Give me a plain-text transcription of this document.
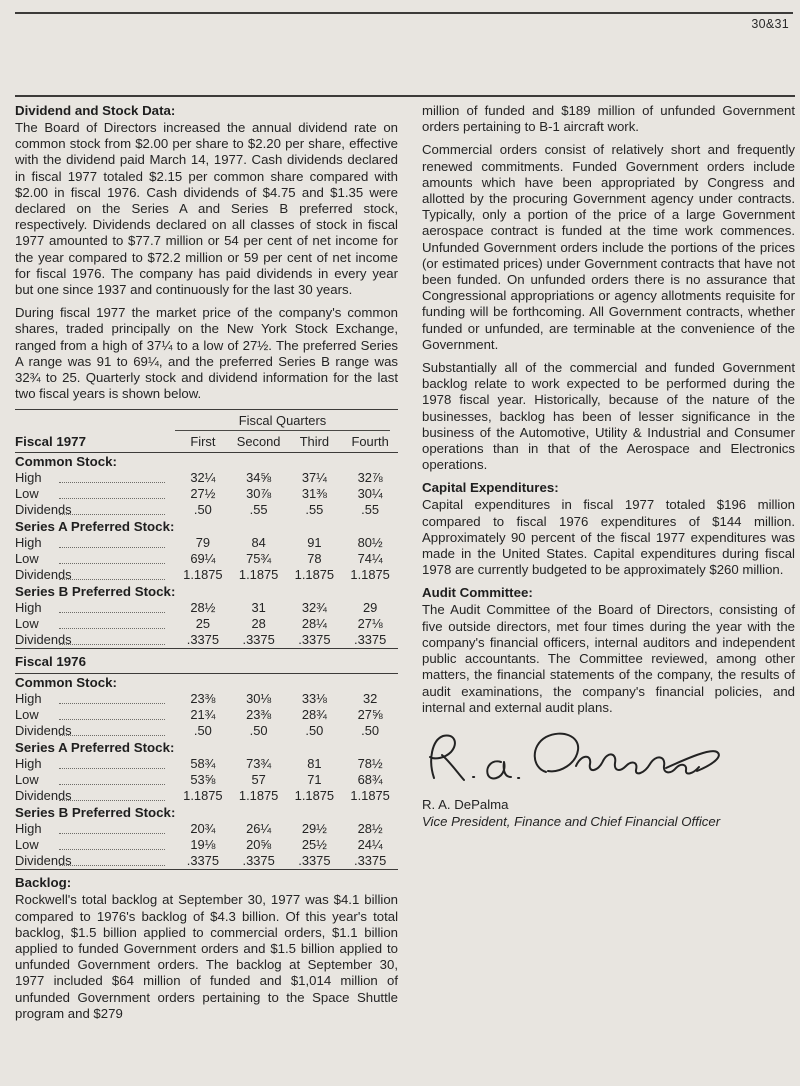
30&31
Dividend and Stock Data:

The Board of Directors increased the annual dividend rate on common stock from $2.00 per share to $2.20 per share, effective with the dividend paid March 14, 1977. Cash dividends declared in fiscal 1977 totaled $2.15 per common share compared with $2.00 in fiscal 1976. Cash dividends of $4.75 and $1.35 were declared on the Series A and Series B preferred stock, respectively. Dividends declared on all classes of stock in fiscal 1977 amounted to $77.7 million or 54 per cent of net income for the year compared to $72.2 million or 59 per cent of net income for fiscal 1976. The company has paid dividends in every year but one since 1937 and continuously for the last 30 years.

During fiscal 1977 the market price of the company's common shares, traded principally on the New York Stock Exchange, ranged from a high of 37¼ to a low of 27½. The preferred Series A range was 91 to 69¼, and the preferred Series B range was 32¾ to 25. Quarterly stock and dividend information for the last two fiscal years is shown below.

Fiscal Quarters
Fiscal 1977	First	Second	Third	Fourth
Common Stock:
High	32¼	34⅝	37¼	32⅞
Low	27½	30⅞	31⅜	30¼
Dividends	.50	.55	.55	.55
Series A Preferred Stock:
High	79	84	91	80½
Low	69¼	75¾	78	74¼
Dividends	1.1875	1.1875	1.1875	1.1875
Series B Preferred Stock:
High	28½	31	32¾	29
Low	25	28	28¼	27⅛
Dividends	.3375	.3375	.3375	.3375
Fiscal 1976
Common Stock:
High	23⅜	30⅛	33⅛	32
Low	21¾	23⅜	28¾	27⅝
Dividends	.50	.50	.50	.50
Series A Preferred Stock:
High	58¾	73¾	81	78½
Low	53⅝	57	71	68¾
Dividends	1.1875	1.1875	1.1875	1.1875
Series B Preferred Stock:
High	20¾	26¼	29½	28½
Low	19⅛	20⅝	25½	24¼
Dividends	.3375	.3375	.3375	.3375
Backlog:

Rockwell's total backlog at September 30, 1977 was $4.1 billion compared to 1976's backlog of $4.3 billion. Of this year's total backlog, $1.5 billion applied to commercial orders, $1.1 billion applied to funded Government orders and $1.5 billion applied to unfunded Government orders. The backlog at September 30, 1977 included $64 million of funded and $1,014 million of unfunded Government orders pertaining to the Space Shuttle program and $279

million of funded and $189 million of unfunded Government orders pertaining to B-1 aircraft work.

Commercial orders consist of relatively short and frequently renewed commitments. Funded Government orders include amounts which have been appropriated by Congress and allotted by the procuring Government agency under contracts. Typically, only a portion of the price of a large Government aerospace contract is funded at the time work commences. Unfunded Government orders include the portions of the prices (or estimated prices) under Government contracts that have not been funded. On unfunded orders there is no assurance that Congressional appropriations or agency allotments requisite for funding will be forthcoming. All Government contracts, whether funded or unfunded, are terminable at the convenience of the Government.

Substantially all of the commercial and funded Government backlog relate to work expected to be performed during the 1978 fiscal year. Historically, because of the nature of the businesses, backlog has been of lesser significance in the business of the Automotive, Utility & Industrial and Consumer operations than in that of the Aerospace and Electronics operations.

Capital Expenditures:

Capital expenditures in fiscal 1977 totaled $196 million compared to fiscal 1976 expenditures of $144 million. Approximately 90 percent of the fiscal 1977 expenditures was made in the United States. Capital expenditures during fiscal 1978 are currently budgeted to be approximately $260 million.

Audit Committee:

The Audit Committee of the Board of Directors, consisting of five outside directors, met four times during the year with the company's financial officers, internal auditors and independent public accountants. The Committee reviewed, among other matters, the financial statements of the company, the results of audit examinations, the company's financial policies, and internal and external audit plans.

R. A. DePalma

Vice President, Finance and Chief Financial Officer
